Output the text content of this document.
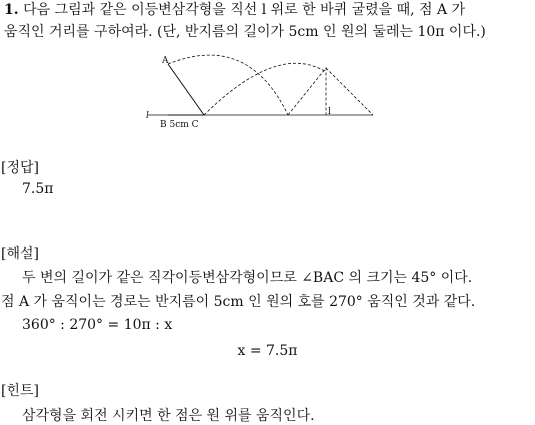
1. 다음 그림과 같은 이등변삼각형을 직선 l 위로 한 바퀴 굴렸을 때, 점 A 가
움직인 거리를 구하여라. (단, 반지름의 길이가 5cm 인 원의 둘레는 10π 이다.)
A
l
B 5cm C
l
[정답]
7.5π
[해설]
두 변의 길이가 같은 직각이등변삼각형이므로 ∠BAC 의 크기는 45° 이다.
점 A 가 움직이는 경로는 반지름이 5cm 인 원의 호를 270° 움직인 것과 같다.
360° : 270° = 10π : x
x = 7.5π
[힌트]
삼각형을 회전 시키면 한 점은 원 위를 움직인다.
